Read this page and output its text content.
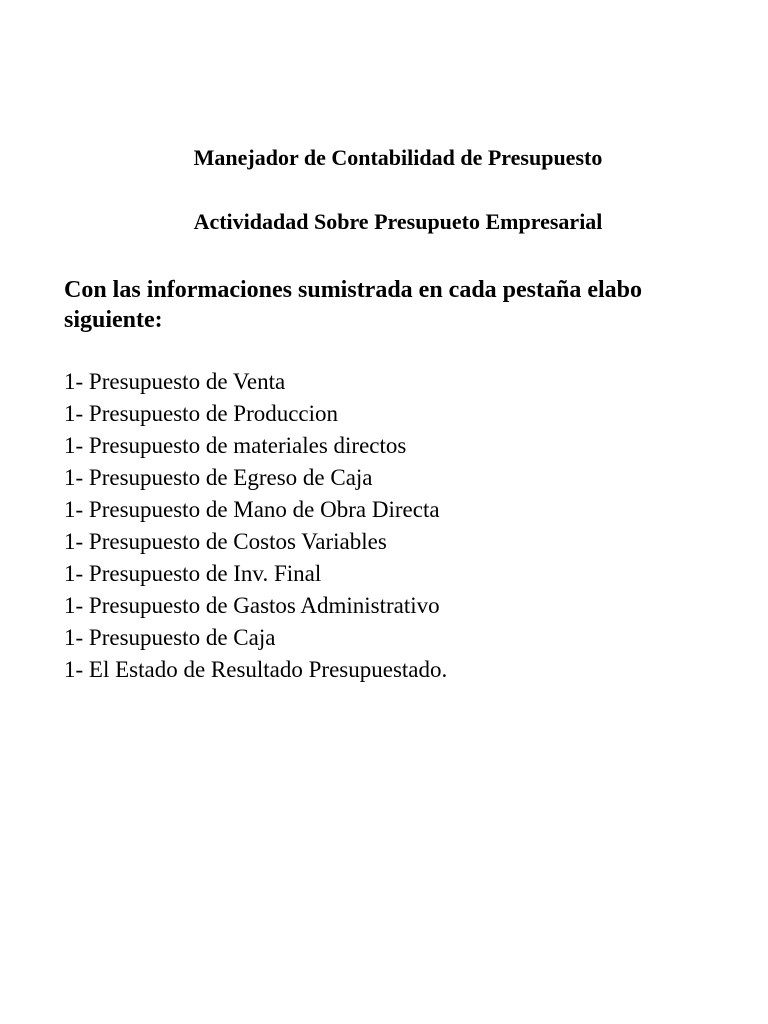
Manejador de Contabilidad de Presupuesto
Actividadad Sobre Presupueto Empresarial

Con las informaciones sumistrada en cada pestaña elabo

siguiente:

1- Presupuesto de Venta
1- Presupuesto de Produccion
1- Presupuesto de materiales directos
1- Presupuesto de Egreso de Caja
1- Presupuesto de Mano de Obra Directa
1- Presupuesto de Costos Variables
1- Presupuesto de Inv. Final
1- Presupuesto de Gastos Administrativo
1- Presupuesto de Caja
1- El Estado de Resultado Presupuestado.
